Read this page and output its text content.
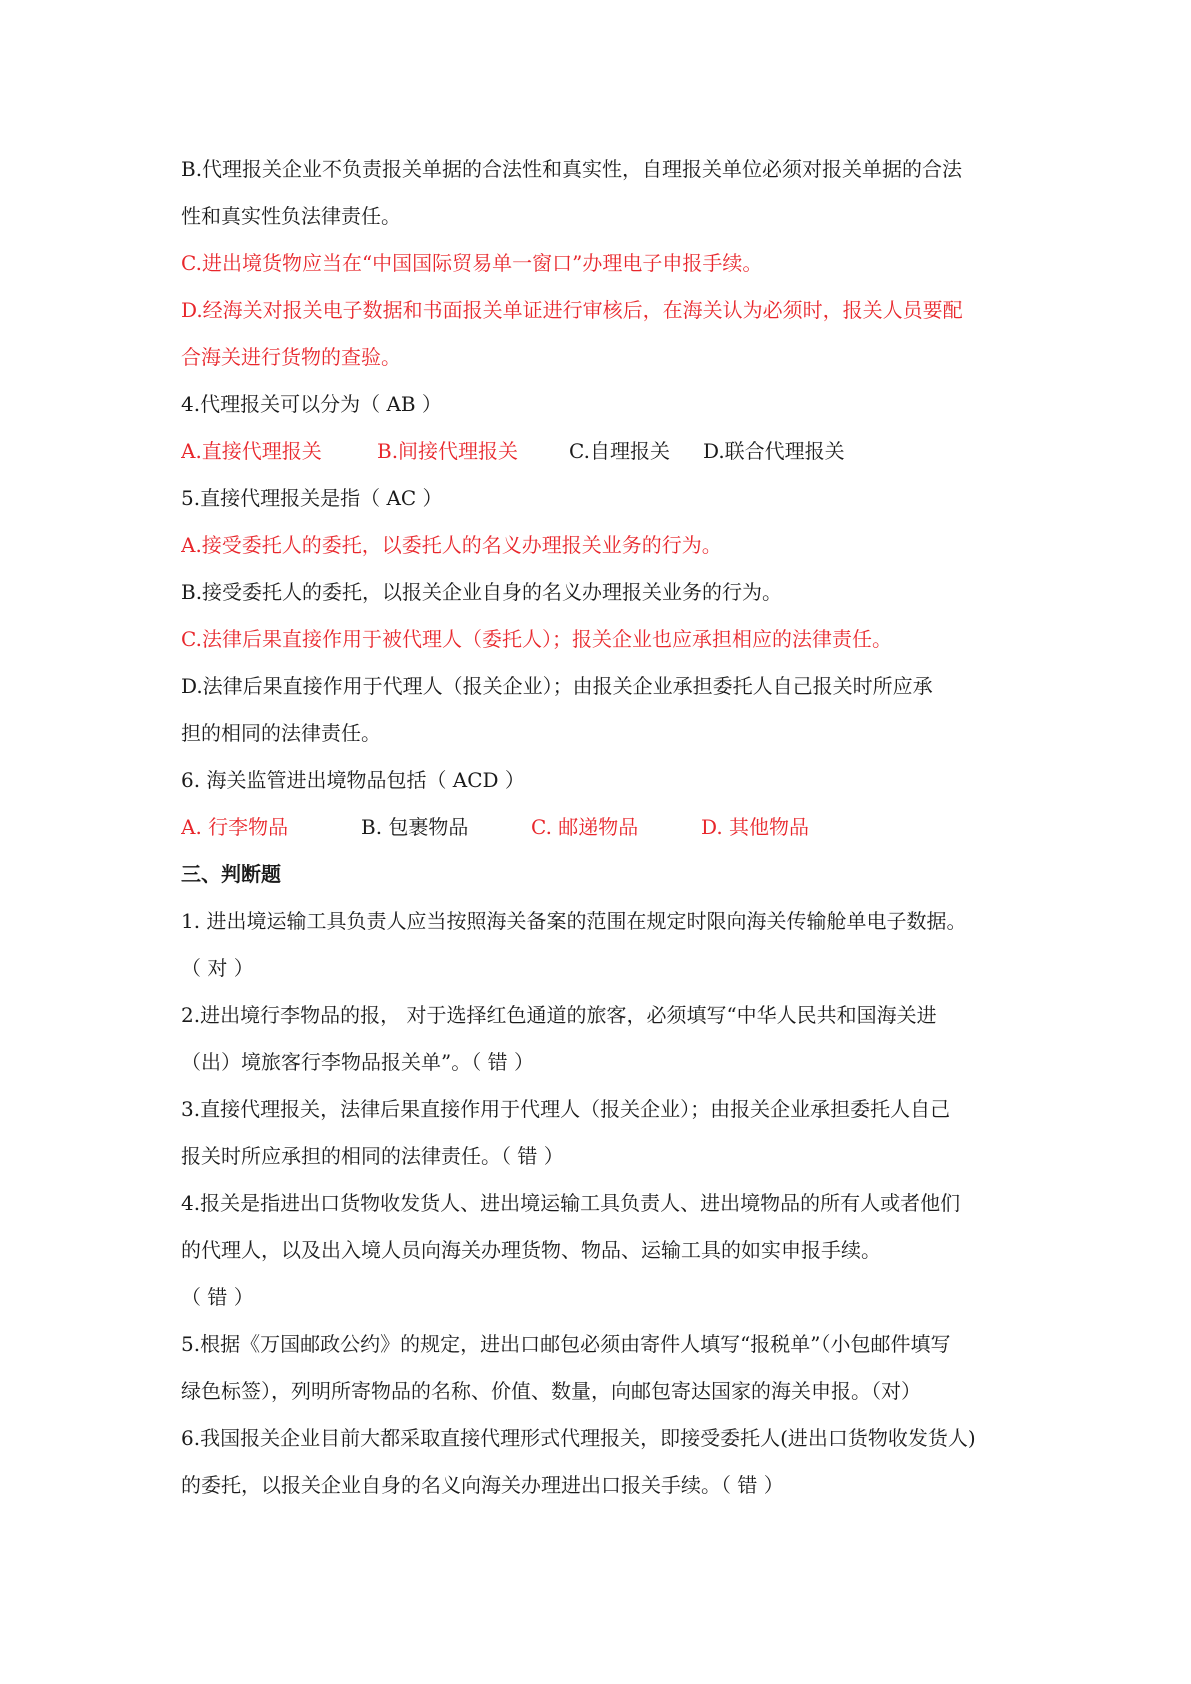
B.代理报关企业不负责报关单据的合法性和真实性，自理报关单位必须对报关单据的合法
性和真实性负法律责任。
C.进出境货物应当在“中国国际贸易单一窗口”办理电子申报手续。
D.经海关对报关电子数据和书面报关单证进行审核后，在海关认为必须时，报关人员要配
合海关进行货物的查验。
4.代理报关可以分为（ AB ）
A.直接代理报关	B.间接代理报关	C.自理报关 D.联合代理报关
5.直接代理报关是指（ AC ）
A.接受委托人的委托，以委托人的名义办理报关业务的行为。
B.接受委托人的委托，以报关企业自身的名义办理报关业务的行为。
C.法律后果直接作用于被代理人（委托人）；报关企业也应承担相应的法律责任。
D.法律后果直接作用于代理人（报关企业）；由报关企业承担委托人自己报关时所应承
担的相同的法律责任。
6. 海关监管进出境物品包括（ ACD ）
A. 行李物品	B. 包裹物品	C. 邮递物品	D. 其他物品
三、判断题
1. 进出境运输工具负责人应当按照海关备案的范围在规定时限向海关传输舱单电子数据。
（ 对 ）
2.进出境行李物品的报， 对于选择红色通道的旅客，必须填写“中华人民共和国海关进
（出）境旅客行李物品报关单”。（ 错 ）
3.直接代理报关，法律后果直接作用于代理人（报关企业）；由报关企业承担委托人自己
报关时所应承担的相同的法律责任。（ 错 ）
4.报关是指进出口货物收发货人、进出境运输工具负责人、进出境物品的所有人或者他们
的代理人，以及出入境人员向海关办理货物、物品、运输工具的如实申报手续。
（ 错 ）
5.根据《万国邮政公约》的规定，进出口邮包必须由寄件人填写“报税单”（小包邮件填写
绿色标签），列明所寄物品的名称、价值、数量，向邮包寄达国家的海关申报。（对）
6.我国报关企业目前大都采取直接代理形式代理报关，即接受委托人(进出口货物收发货人)
的委托，以报关企业自身的名义向海关办理进出口报关手续。（ 错 ）
